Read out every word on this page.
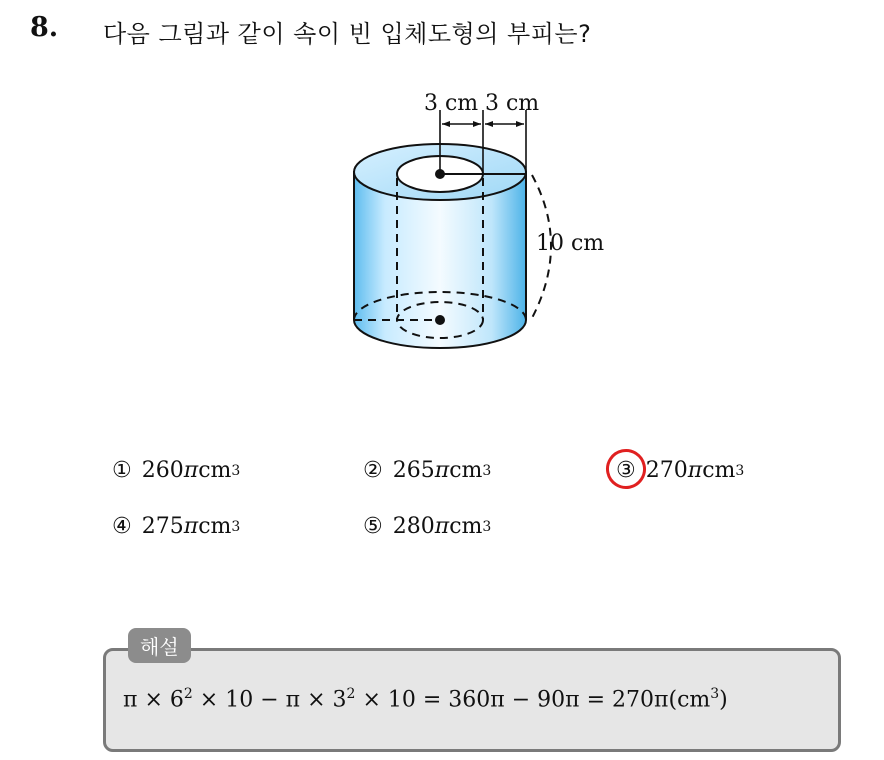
8. 다음 그림과 같이 속이 빈 입체도형의 부피는?
3 cm 3 cm
10 cm
① 260 π cm 3	② 265 π cm 3	③ 270 π cm 3
④ 275 π cm 3	⑤ 280 π cm 3
해설
$\pi \times 6^2 \times 10 - \pi \times 3^2 \times 10 = 360\pi - 90\pi = 270\pi(cm^3)$
